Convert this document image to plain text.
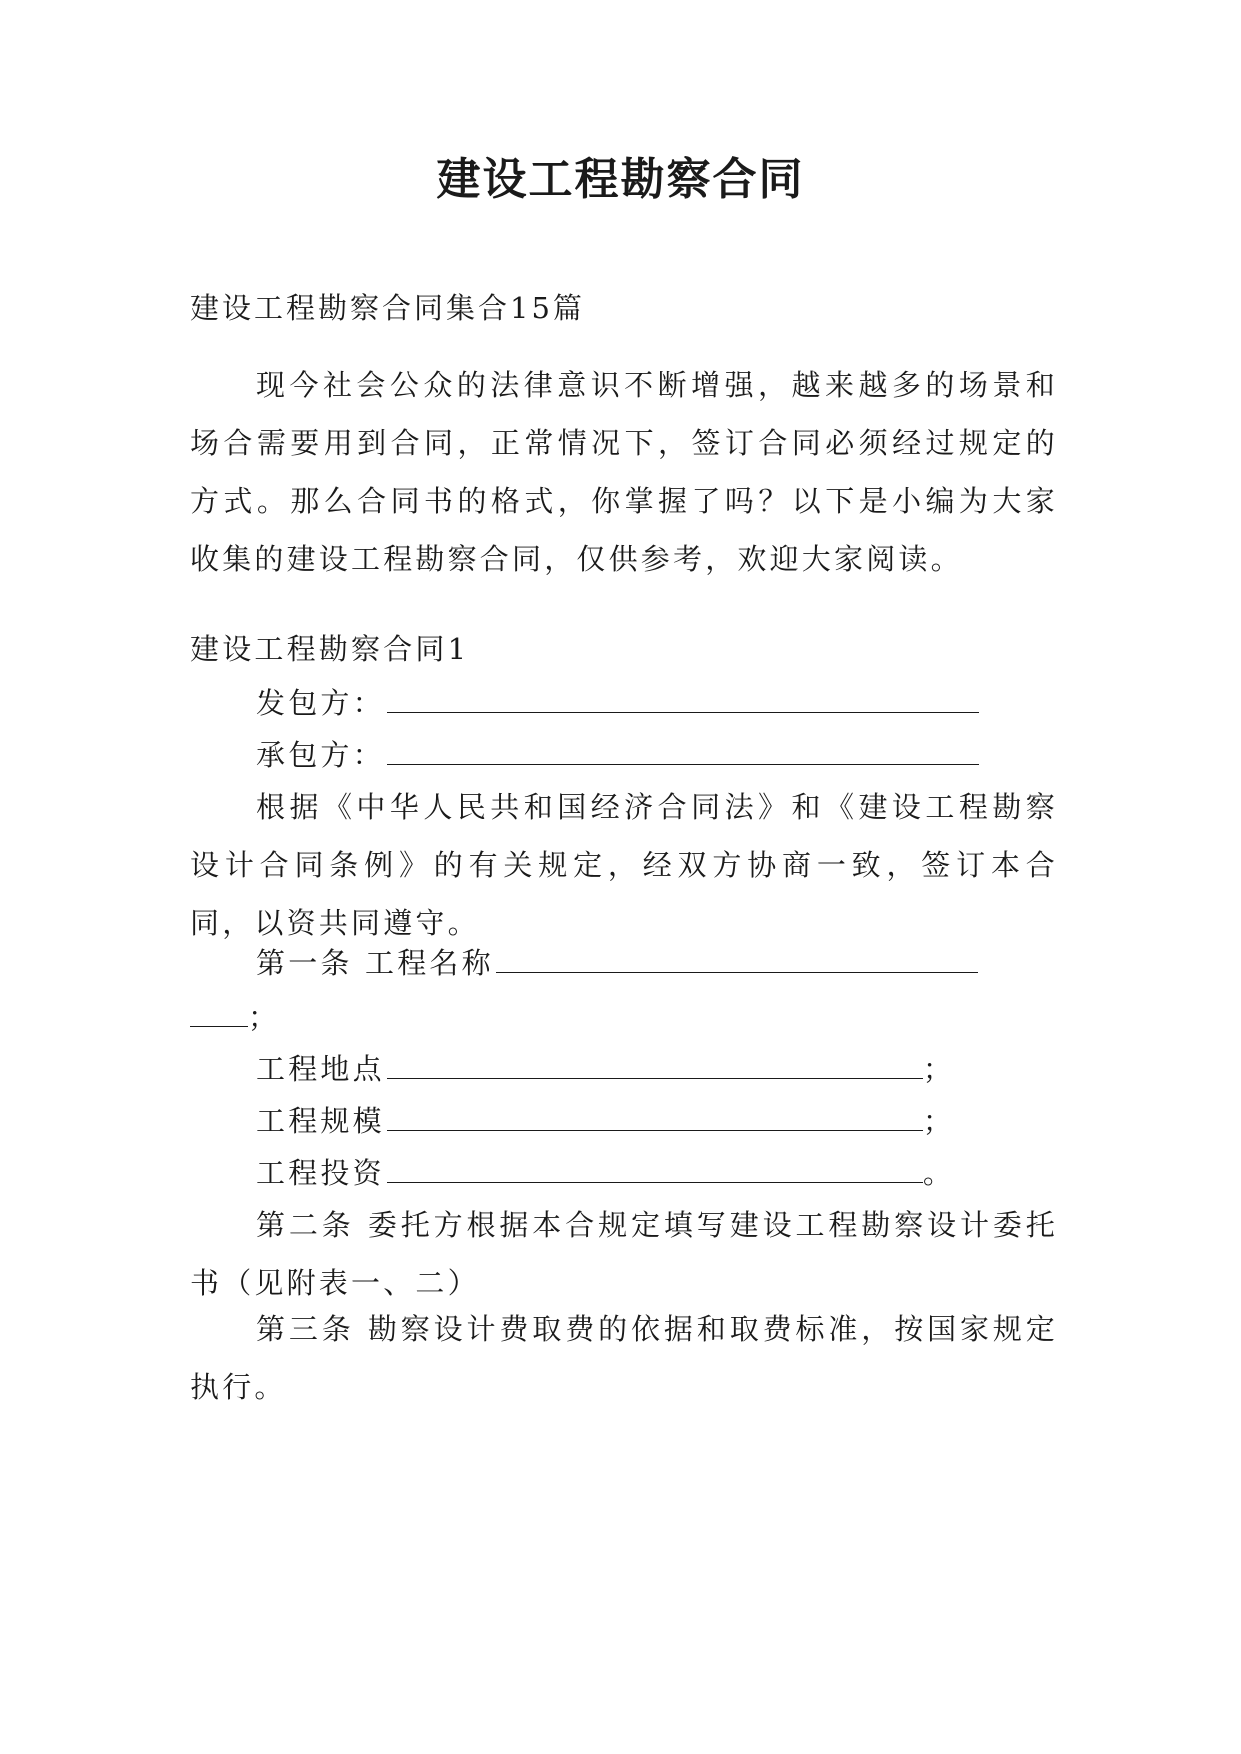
建设工程勘察合同
建设工程勘察合同集合15篇
现今社会公众的法律意识不断增强，越来越多的场景和场合需要用到合同，正常情况下，签订合同必须经过规定的方式。那么合同书的格式，你掌握了吗？以下是小编为大家收集的建设工程勘察合同，仅供参考，欢迎大家阅读。
建设工程勘察合同1
发包方：
承包方：
根据《中华人民共和国经济合同法》和《建设工程勘察设计合同条例》的有关规定，经双方协商一致，签订本合同，以资共同遵守。
第一条 工程名称
；
工程地点	；
工程规模	；
工程投资	。
第二条 委托方根据本合规定填写建设工程勘察设计委托书（见附表一、二）
第三条 勘察设计费取费的依据和取费标准，按国家规定执行。
